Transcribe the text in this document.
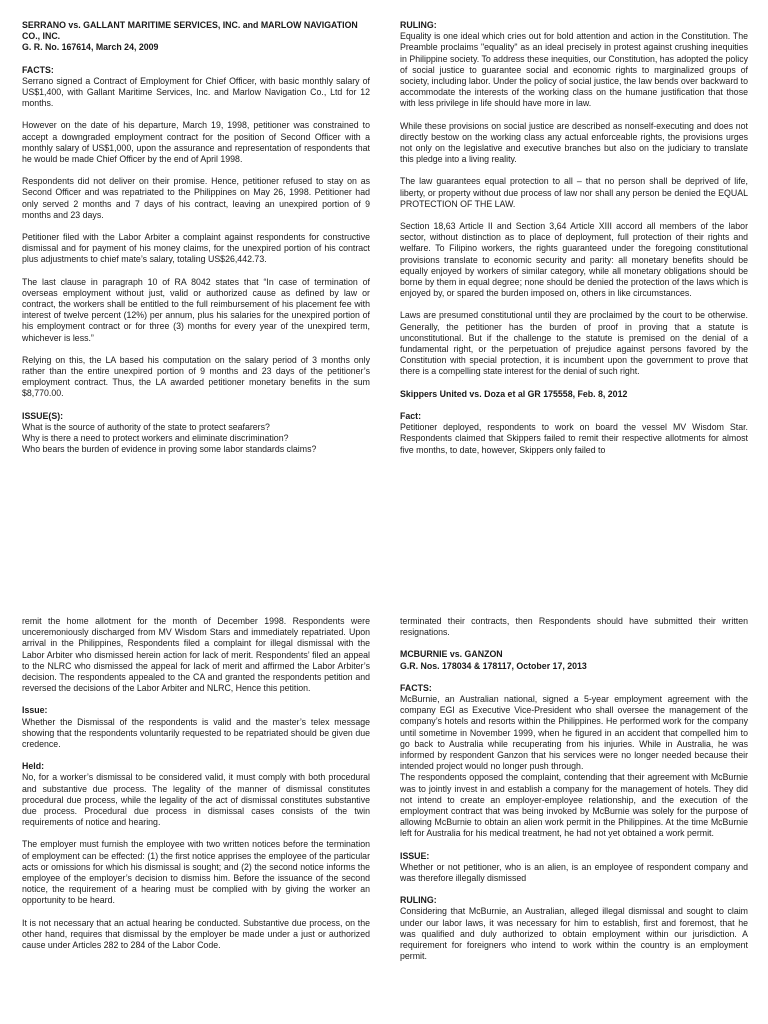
SERRANO vs. GALLANT MARITIME SERVICES, INC. and MARLOW NAVIGATION CO., INC.

G. R. No. 167614, March 24, 2009

FACTS:

Serrano signed a Contract of Employment for Chief Officer, with basic monthly salary of US$1,400, with Gallant Maritime Services, Inc. and Marlow Navigation Co., Ltd for 12 months.

However on the date of his departure, March 19, 1998, petitioner was constrained to accept a downgraded employment contract for the position of Second Officer with a monthly salary of US$1,000, upon the assurance and representation of respondents that he would be made Chief Officer by the end of April 1998.

Respondents did not deliver on their promise. Hence, petitioner refused to stay on as Second Officer and was repatriated to the Philippines on May 26, 1998. Petitioner had only served 2 months and 7 days of his contract, leaving an unexpired portion of 9 months and 23 days.

Petitioner filed with the Labor Arbiter a complaint against respondents for constructive dismissal and for payment of his money claims, for the unexpired portion of his contract plus adjustments to chief mate’s salary, totaling US$26,442.73.

The last clause in paragraph 10 of RA 8042 states that “In case of termination of overseas employment without just, valid or authorized cause as defined by law or contract, the workers shall be entitled to the full reimbursement of his placement fee with interest of twelve percent (12%) per annum, plus his salaries for the unexpired portion of his employment contract or for three (3) months for every year of the unexpired term, whichever is less.”

Relying on this, the LA based his computation on the salary period of 3 months only rather than the entire unexpired portion of 9 months and 23 days of the petitioner’s employment contract. Thus, the LA awarded petitioner monetary benefits in the sum $8,770.00.

ISSUE(S):

What is the source of authority of the state to protect seafarers?

Why is there a need to protect workers and eliminate discrimination?

Who bears the burden of evidence in proving some labor standards claims?

RULING:

Equality is one ideal which cries out for bold attention and action in the Constitution. The Preamble proclaims "equality" as an ideal precisely in protest against crushing inequities in Philippine society. To address these inequities, our Constitution, has adopted the policy of social justice to guarantee social and economic rights to marginalized groups of society, including labor. Under the policy of social justice, the law bends over backward to accommodate the interests of the working class on the humane justification that those with less privilege in life should have more in law.

While these provisions on social justice are described as nonself-executing and does not directly bestow on the working class any actual enforceable rights, the provisions urges not only on the legislative and executive branches but also on the judiciary to translate this pledge into a living reality.

The law guarantees equal protection to all – that no person shall be deprived of life, liberty, or property without due process of law nor shall any person be denied the EQUAL PROTECTION OF THE LAW.

Section 18,63 Article II and Section 3,64 Article XIII accord all members of the labor sector, without distinction as to place of deployment, full protection of their rights and welfare. To Filipino workers, the rights guaranteed under the foregoing constitutional provisions translate to economic security and parity: all monetary benefits should be equally enjoyed by workers of similar category, while all monetary obligations should be borne by them in equal degree; none should be denied the protection of the laws which is enjoyed by, or spared the burden imposed on, others in like circumstances.

Laws are presumed constitutional until they are proclaimed by the court to be otherwise. Generally, the petitioner has the burden of proof in proving that a statute is unconstitutional. But if the challenge to the statute is premised on the denial of a fundamental right, or the perpetuation of prejudice against persons favored by the Constitution with special protection, it is incumbent upon the government to prove that there is a compelling state interest for the denial of such right.

Skippers United vs. Doza et al GR 175558, Feb. 8, 2012

Fact:

Petitioner deployed, respondents to work on board the vessel MV Wisdom Star. Respondents claimed that Skippers failed to remit their respective allotments for almost five months, to date, however, Skippers only failed to

remit the home allotment for the month of December 1998. Respondents were unceremoniously discharged from MV Wisdom Stars and immediately repatriated. Upon arrival in the Philippines, Respondents filed a complaint for illegal dismissal with the Labor Arbiter who dismissed herein action for lack of merit. Respondents’ filed an appeal to the NLRC who dismissed the appeal for lack of merit and affirmed the Labor Arbiter’s decision. The respondents appealed to the CA and granted the respondents petition and reversed the decisions of the Labor Arbiter and NLRC, Hence this petition.

Issue:

Whether the Dismissal of the respondents is valid and the master’s telex message showing that the respondents voluntarily requested to be repatriated should be given due credence.

Held:

No, for a worker’s dismissal to be considered valid, it must comply with both procedural and substantive due process. The legality of the manner of dismissal constitutes procedural due process, while the legality of the act of dismissal constitutes substantive due process. Procedural due process in dismissal cases consists of the twin requirements of notice and hearing.

The employer must furnish the employee with two written notices before the termination of employment can be effected: (1) the first notice apprises the employee of the particular acts or omissions for which his dismissal is sought; and (2) the second notice informs the employee of the employer’s decision to dismiss him. Before the issuance of the second notice, the requirement of a hearing must be complied with by giving the worker an opportunity to be heard.

It is not necessary that an actual hearing be conducted. Substantive due process, on the other hand, requires that dismissal by the employer be made under a just or authorized cause under Articles 282 to 284 of the Labor Code.

terminated their contracts, then Respondents should have submitted their written resignations.

MCBURNIE vs. GANZON

G.R. Nos. 178034 & 178117, October 17, 2013

FACTS:

McBurnie, an Australian national, signed a 5-year employment agreement with the company EGI as Executive Vice-President who shall oversee the management of the company’s hotels and resorts within the Philippines. He performed work for the company until sometime in November 1999, when he figured in an accident that compelled him to go back to Australia while recuperating from his injuries. While in Australia, he was informed by respondent Ganzon that his services were no longer needed because their intended project would no longer push through.

The respondents opposed the complaint, contending that their agreement with McBurnie was to jointly invest in and establish a company for the management of hotels. They did not intend to create an employer-employee relationship, and the execution of the employment contract that was being invoked by McBurnie was solely for the purpose of allowing McBurnie to obtain an alien work permit in the Philippines. At the time McBurnie left for Australia for his medical treatment, he had not yet obtained a work permit.

ISSUE:

Whether or not petitioner, who is an alien, is an employee of respondent company and was therefore illegally dismissed

RULING:

Considering that McBurnie, an Australian, alleged illegal dismissal and sought to claim under our labor laws, it was necessary for him to establish, first and foremost, that he was qualified and duly authorized to obtain employment within our jurisdiction. A requirement for foreigners who intend to work within the country is an employment permit.
